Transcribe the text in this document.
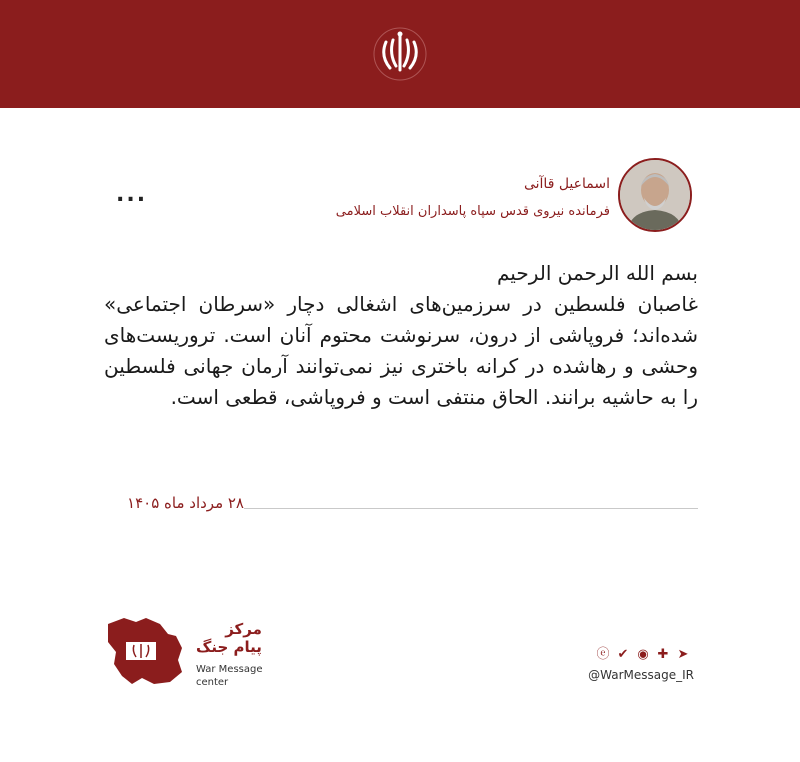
اسماعیل قاآنی
فرمانده نیروی قدس سپاه پاسداران انقلاب اسلامی
...

بسم الله الرحمن الرحیم

غاصبان فلسطین در سرزمین‌های اشغالی دچار «سرطان اجتماعی» شده‌اند؛ فروپاشی از درون، سرنوشت محتوم آنان است. تروریست‌های وحشی و رهاشده در کرانه باختری نیز نمی‌توانند آرمان جهانی فلسطین را به حاشیه برانند. الحاق منتفی است و فروپاشی، قطعی است.

۲۸ مرداد ماه ۱۴۰۵
مرکز
پیام جنگ
War Message
center
ⓔ ✔ ◉ ✚ ➤
@WarMessage_IR
